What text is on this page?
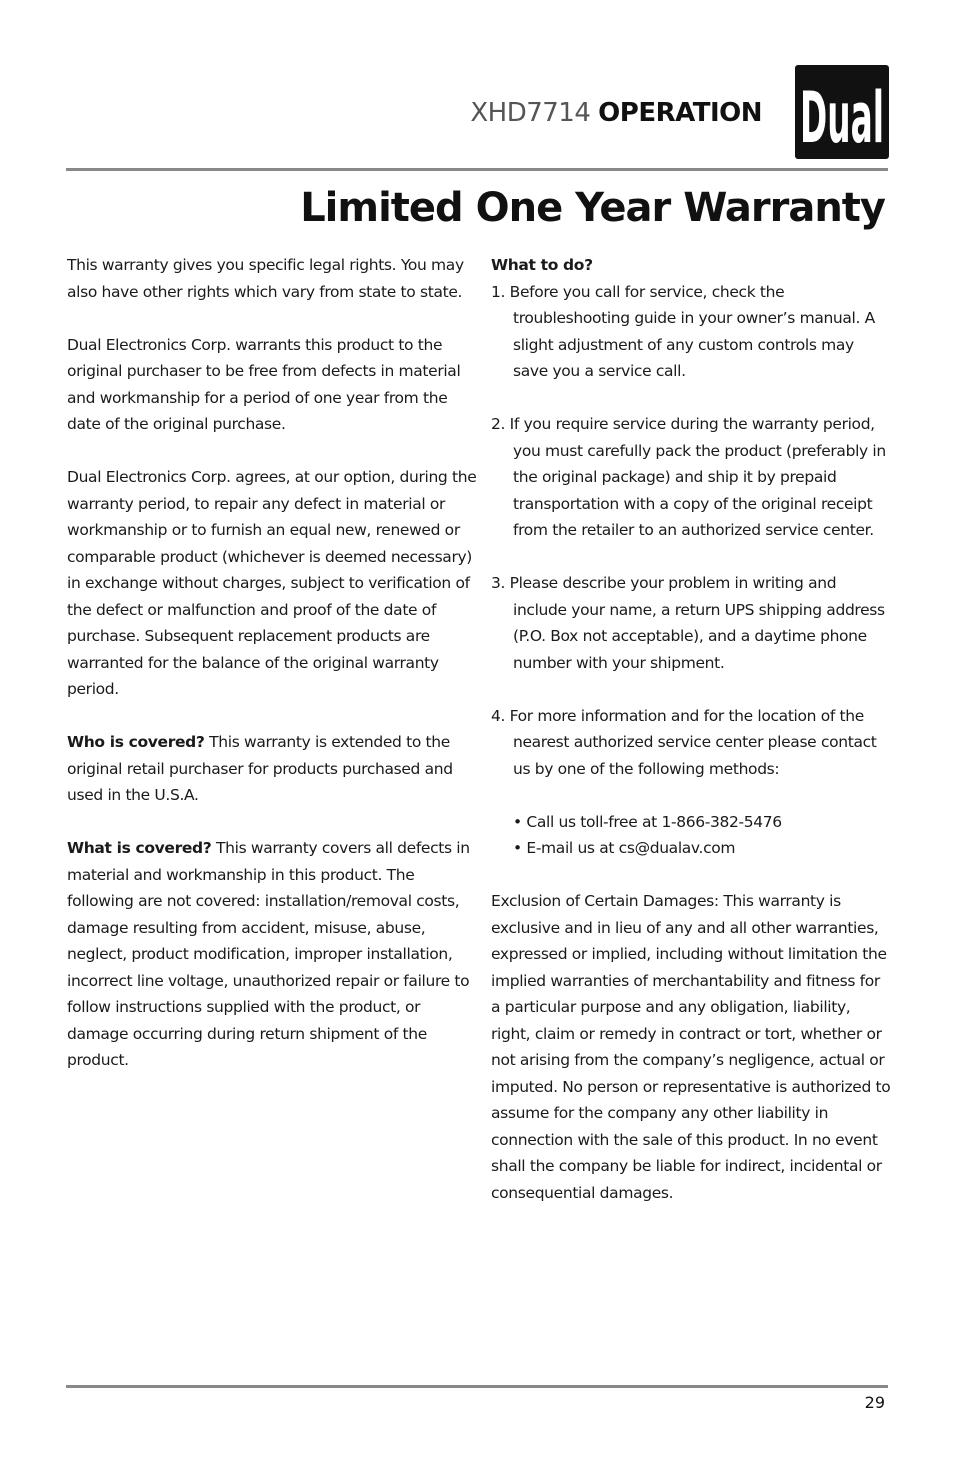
XHD7714 OPERATION Dual
Limited One Year Warranty

This warranty gives you specific legal rights. You may also have other rights which vary from state to state.

Dual Electronics Corp. warrants this product to the original purchaser to be free from defects in material and workmanship for a period of one year from the date of the original purchase.

Dual Electronics Corp. agrees, at our option, during the warranty period, to repair any defect in material or workmanship or to furnish an equal new, renewed or comparable product (whichever is deemed necessary) in exchange without charges, subject to verification of the defect or malfunction and proof of the date of purchase. Subsequent replacement products are warranted for the balance of the original warranty period.

Who is covered? This warranty is extended to the original retail purchaser for products purchased and used in the U.S.A.

What is covered? This warranty covers all defects in material and workmanship in this product. The following are not covered: installation/removal costs, damage resulting from accident, misuse, abuse, neglect, product modification, improper installation, incorrect line voltage, unauthorized repair or failure to follow instructions supplied with the product, or damage occurring during return shipment of the product.

What to do?
1. Before you call for service, check the troubleshooting guide in your owner’s manual. A slight adjustment of any custom controls may save you a service call.
2. If you require service during the warranty period, you must carefully pack the product (preferably in the original package) and ship it by prepaid transportation with a copy of the original receipt from the retailer to an authorized service center.
3. Please describe your problem in writing and include your name, a return UPS shipping address (P.O. Box not acceptable), and a daytime phone number with your shipment.
4. For more information and for the location of the nearest authorized service center please contact us by one of the following methods:
• Call us toll-free at 1-866-382-5476
• E-mail us at cs@dualav.com

Exclusion of Certain Damages: This warranty is exclusive and in lieu of any and all other warranties, expressed or implied, including without limitation the implied warranties of merchantability and fitness for a particular purpose and any obligation, liability, right, claim or remedy in contract or tort, whether or not arising from the company’s negligence, actual or imputed. No person or representative is authorized to assume for the company any other liability in connection with the sale of this product. In no event shall the company be liable for indirect, incidental or consequential damages.

29
